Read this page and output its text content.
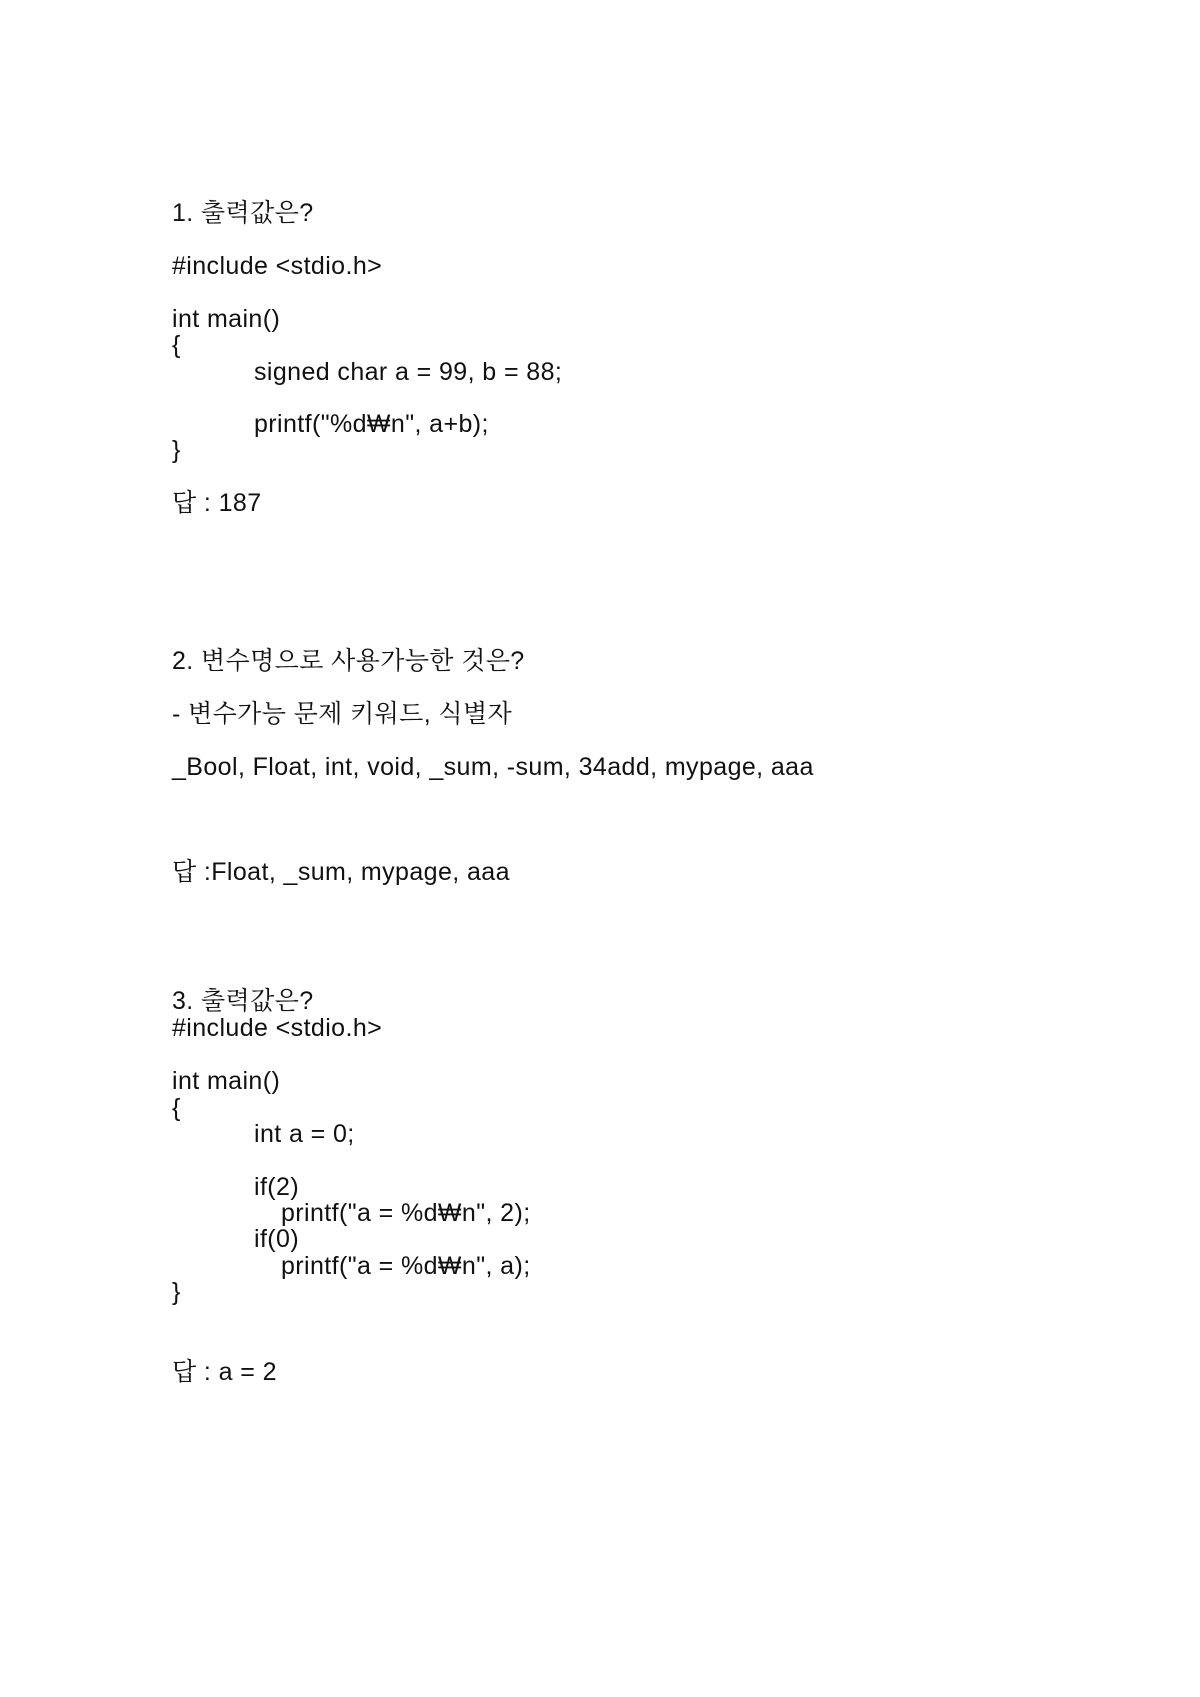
1. 출력값은?
#include <stdio.h>
int main()
{
signed char a = 99, b = 88;
printf("%d₩n", a+b);
}
답 : 187
2. 변수명으로 사용가능한 것은?
- 변수가능 문제 키워드, 식별자
_Bool, Float, int, void, _sum, -sum, 34add, mypage, aaa
답 :Float, _sum, mypage, aaa
3. 출력값은?
#include <stdio.h>
int main()
{
int a = 0;
if(2)
printf("a = %d₩n", 2);
if(0)
printf("a = %d₩n", a);
}
답 : a = 2
